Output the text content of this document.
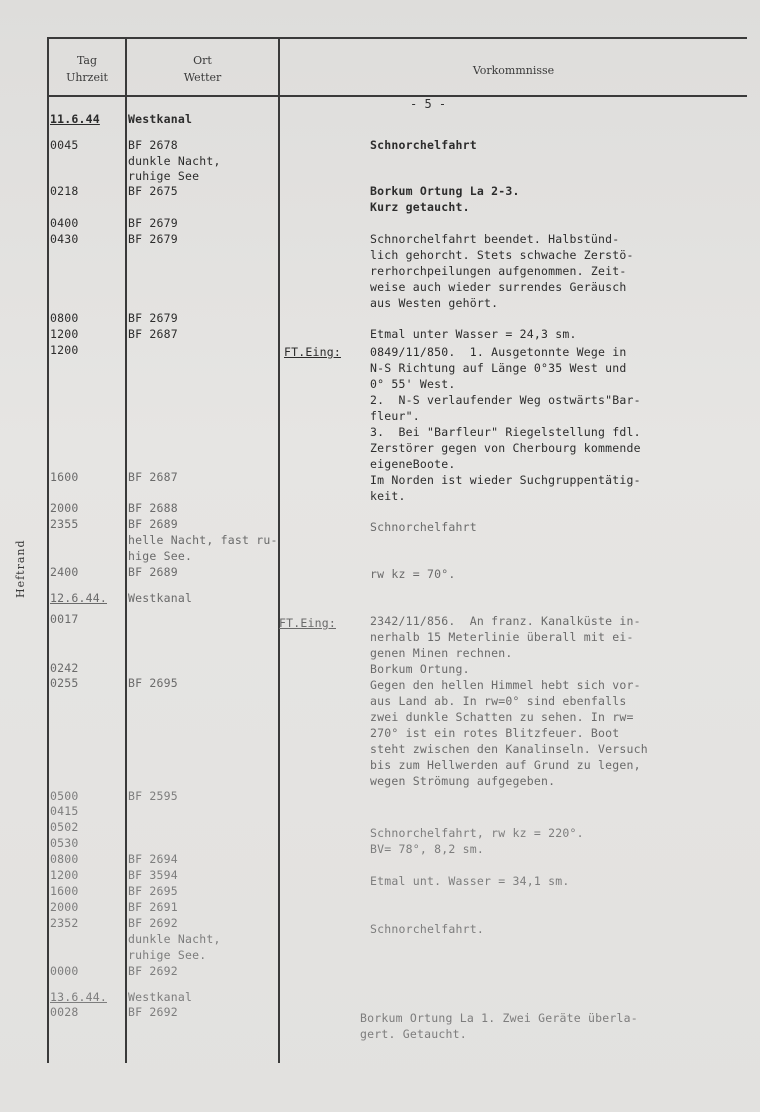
Tag
Uhrzeit
Ort
Wetter
Vorkommnisse
Heftrand
- 5 -
11.6.44
0045
0218
0400
0430
0800
1200
1200
1600
2000
2355
2400
12.6.44.
0017
0242
0255
0500
0415
0502
0530
0800
1200
1600
2000
2352
0000
13.6.44.
0028
Westkanal
BF 2678
dunkle Nacht,
ruhige See
BF 2675
BF 2679
BF 2679
BF 2679
BF 2687
BF 2687
BF 2688
BF 2689
helle Nacht, fast ru-
hige See.
BF 2689
Westkanal
BF 2695
BF 2595
BF 2694
BF 3594
BF 2695
BF 2691
BF 2692
dunkle Nacht,
ruhige See.
BF 2692
Westkanal
BF 2692
FT.Eing:
FT.Eing:
Schnorchelfahrt
Borkum Ortung La 2-3.
Kurz getaucht.
Schnorchelfahrt beendet. Halbstünd-
lich gehorcht. Stets schwache Zerstö-
rerhorchpeilungen aufgenommen. Zeit-
weise auch wieder surrendes Geräusch
aus Westen gehört.
Etmal unter Wasser = 24,3 sm.
0849/11/850.  1. Ausgetonnte Wege in
N-S Richtung auf Länge 0°35 West und
0° 55' West.
2.  N-S verlaufender Weg ostwärts"Bar-
fleur".
3.  Bei "Barfleur" Riegelstellung fdl.
Zerstörer gegen von Cherbourg kommende
eigeneBoote.
Im Norden ist wieder Suchgruppentätig-
keit.
Schnorchelfahrt
rw kz = 70°.
2342/11/856.  An franz. Kanalküste in-
nerhalb 15 Meterlinie überall mit ei-
genen Minen rechnen.
Borkum Ortung.
Gegen den hellen Himmel hebt sich vor-
aus Land ab. In rw=0° sind ebenfalls
zwei dunkle Schatten zu sehen. In rw=
270° ist ein rotes Blitzfeuer. Boot
steht zwischen den Kanalinseln. Versuch
bis zum Hellwerden auf Grund zu legen,
wegen Strömung aufgegeben.
Schnorchelfahrt, rw kz = 220°.
BV= 78°, 8,2 sm.
Etmal unt. Wasser = 34,1 sm.
Schnorchelfahrt.
Borkum Ortung La 1. Zwei Geräte überla-
gert. Getaucht.
